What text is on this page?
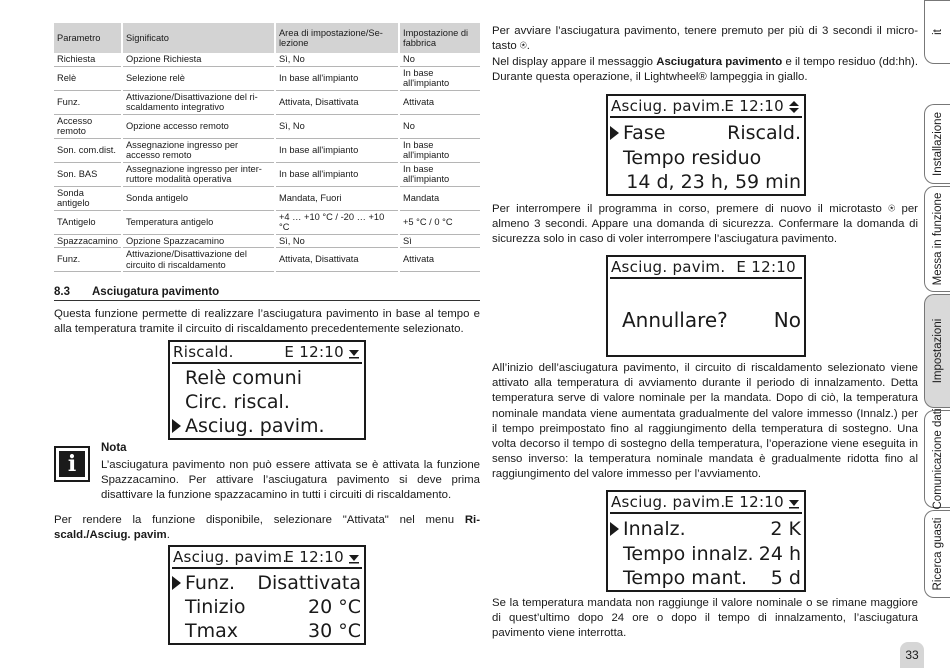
Parametro	Significato	Area di impostazione/Se- lezione	Impostazione di fabbrica
Richiesta	Opzione Richiesta	Sì, No	No
Relè	Selezione relè	In base all'impianto	In base all'impianto
Funz.	Attivazione/Disattivazione del ri- scaldamento integrativo	Attivata, Disattivata	Attivata
Accesso remoto	Opzione accesso remoto	Sì, No	No
Son. com.dist.	Assegnazione ingresso per accesso remoto	In base all'impianto	In base all'impianto
Son. BAS	Assegnazione ingresso per inter- ruttore modalità operativa	In base all'impianto	In base all'impianto
Sonda antigelo	Sonda antigelo	Mandata, Fuori	Mandata
TAntigelo	Temperatura antigelo	+4 … +10 °C / -20 … +10 °C	+5 °C / 0 °C
Spazzacamino	Opzione Spazzacamino	Sì, No	Sì
Funz.	Attivazione/Disattivazione del circuito di riscaldamento	Attivata, Disattivata	Attivata
8.3 Asciugatura pavimento
Questa funzione permette di realizzare l’asciugatura pavimento in base al tempo e alla temperatura tramite il circuito di riscaldamento precedentemente selezionato.
Riscald.	E 12:10
Relè comuni
Circ. riscal.
Asciug. pavim.
i
Nota
L’asciugatura pavimento non può essere attivata se è attivata la funzione Spazzacamino. Per attivare l’asciugatura pavimento si deve prima disattivare la funzione spazzacamino in tutti i circuiti di riscaldamento.
Per rendere la funzione disponibile, selezionare "Attivata" nel menu Ri- scald./Asciug. pavim.
Asciug. pavim.
E 12:10
Funz. Disattivata
Tinizio	20 °C
Tmax	30 °C
Per avviare l’asciugatura pavimento, tenere premuto per più di 3 secondi il micro- tasto ⍟.
Nel display appare il messaggio Asciugatura pavimento e il tempo residuo (dd:hh). Durante questa operazione, il Lightwheel® lampeggia in giallo.
Asciug. pavim. E 12:10
Fase	Riscald.
Tempo residuo
14 d, 23 h, 59 min
Per interrompere il programma in corso, premere di nuovo il microtasto ⍟ per almeno 3 secondi. Appare una domanda di sicurezza. Confermare la domanda di sicurezza solo in caso di voler interrompere l’asciugatura pavimento.
Asciug. pavim. E 12:10
Annullare? No
All’inizio dell’asciugatura pavimento, il circuito di riscaldamento selezionato viene attivato alla temperatura di avviamento durante il periodo di innalzamento. Detta temperatura serve di valore nominale per la mandata. Dopo di ciò, la temperatura nominale mandata viene aumentata gradualmente del valore immesso (Innalz.) per il tempo preimpostato fino al raggiungimento della temperatura di sostegno. Una volta decorso il tempo di sostegno della temperatura, l’operazione viene eseguita in senso inverso: la temperatura nominale mandata è gradualmente ridotta fino al raggiungimento del valore immesso per l’avviamento.
Asciug. pavim. E 12:10
Innalz.	2 K
Tempo innalz. 24 h
Tempo mant. 5 d
Se la temperatura mandata non raggiunge il valore nominale o se rimane maggiore di quest’ultimo dopo 24 ore o dopo il tempo di innalzamento, l’asciugatura pavimento viene interrotta.
it
Installazione
Messa in funzione
Impostazioni
Comunicazione dati
Ricerca guasti
33
